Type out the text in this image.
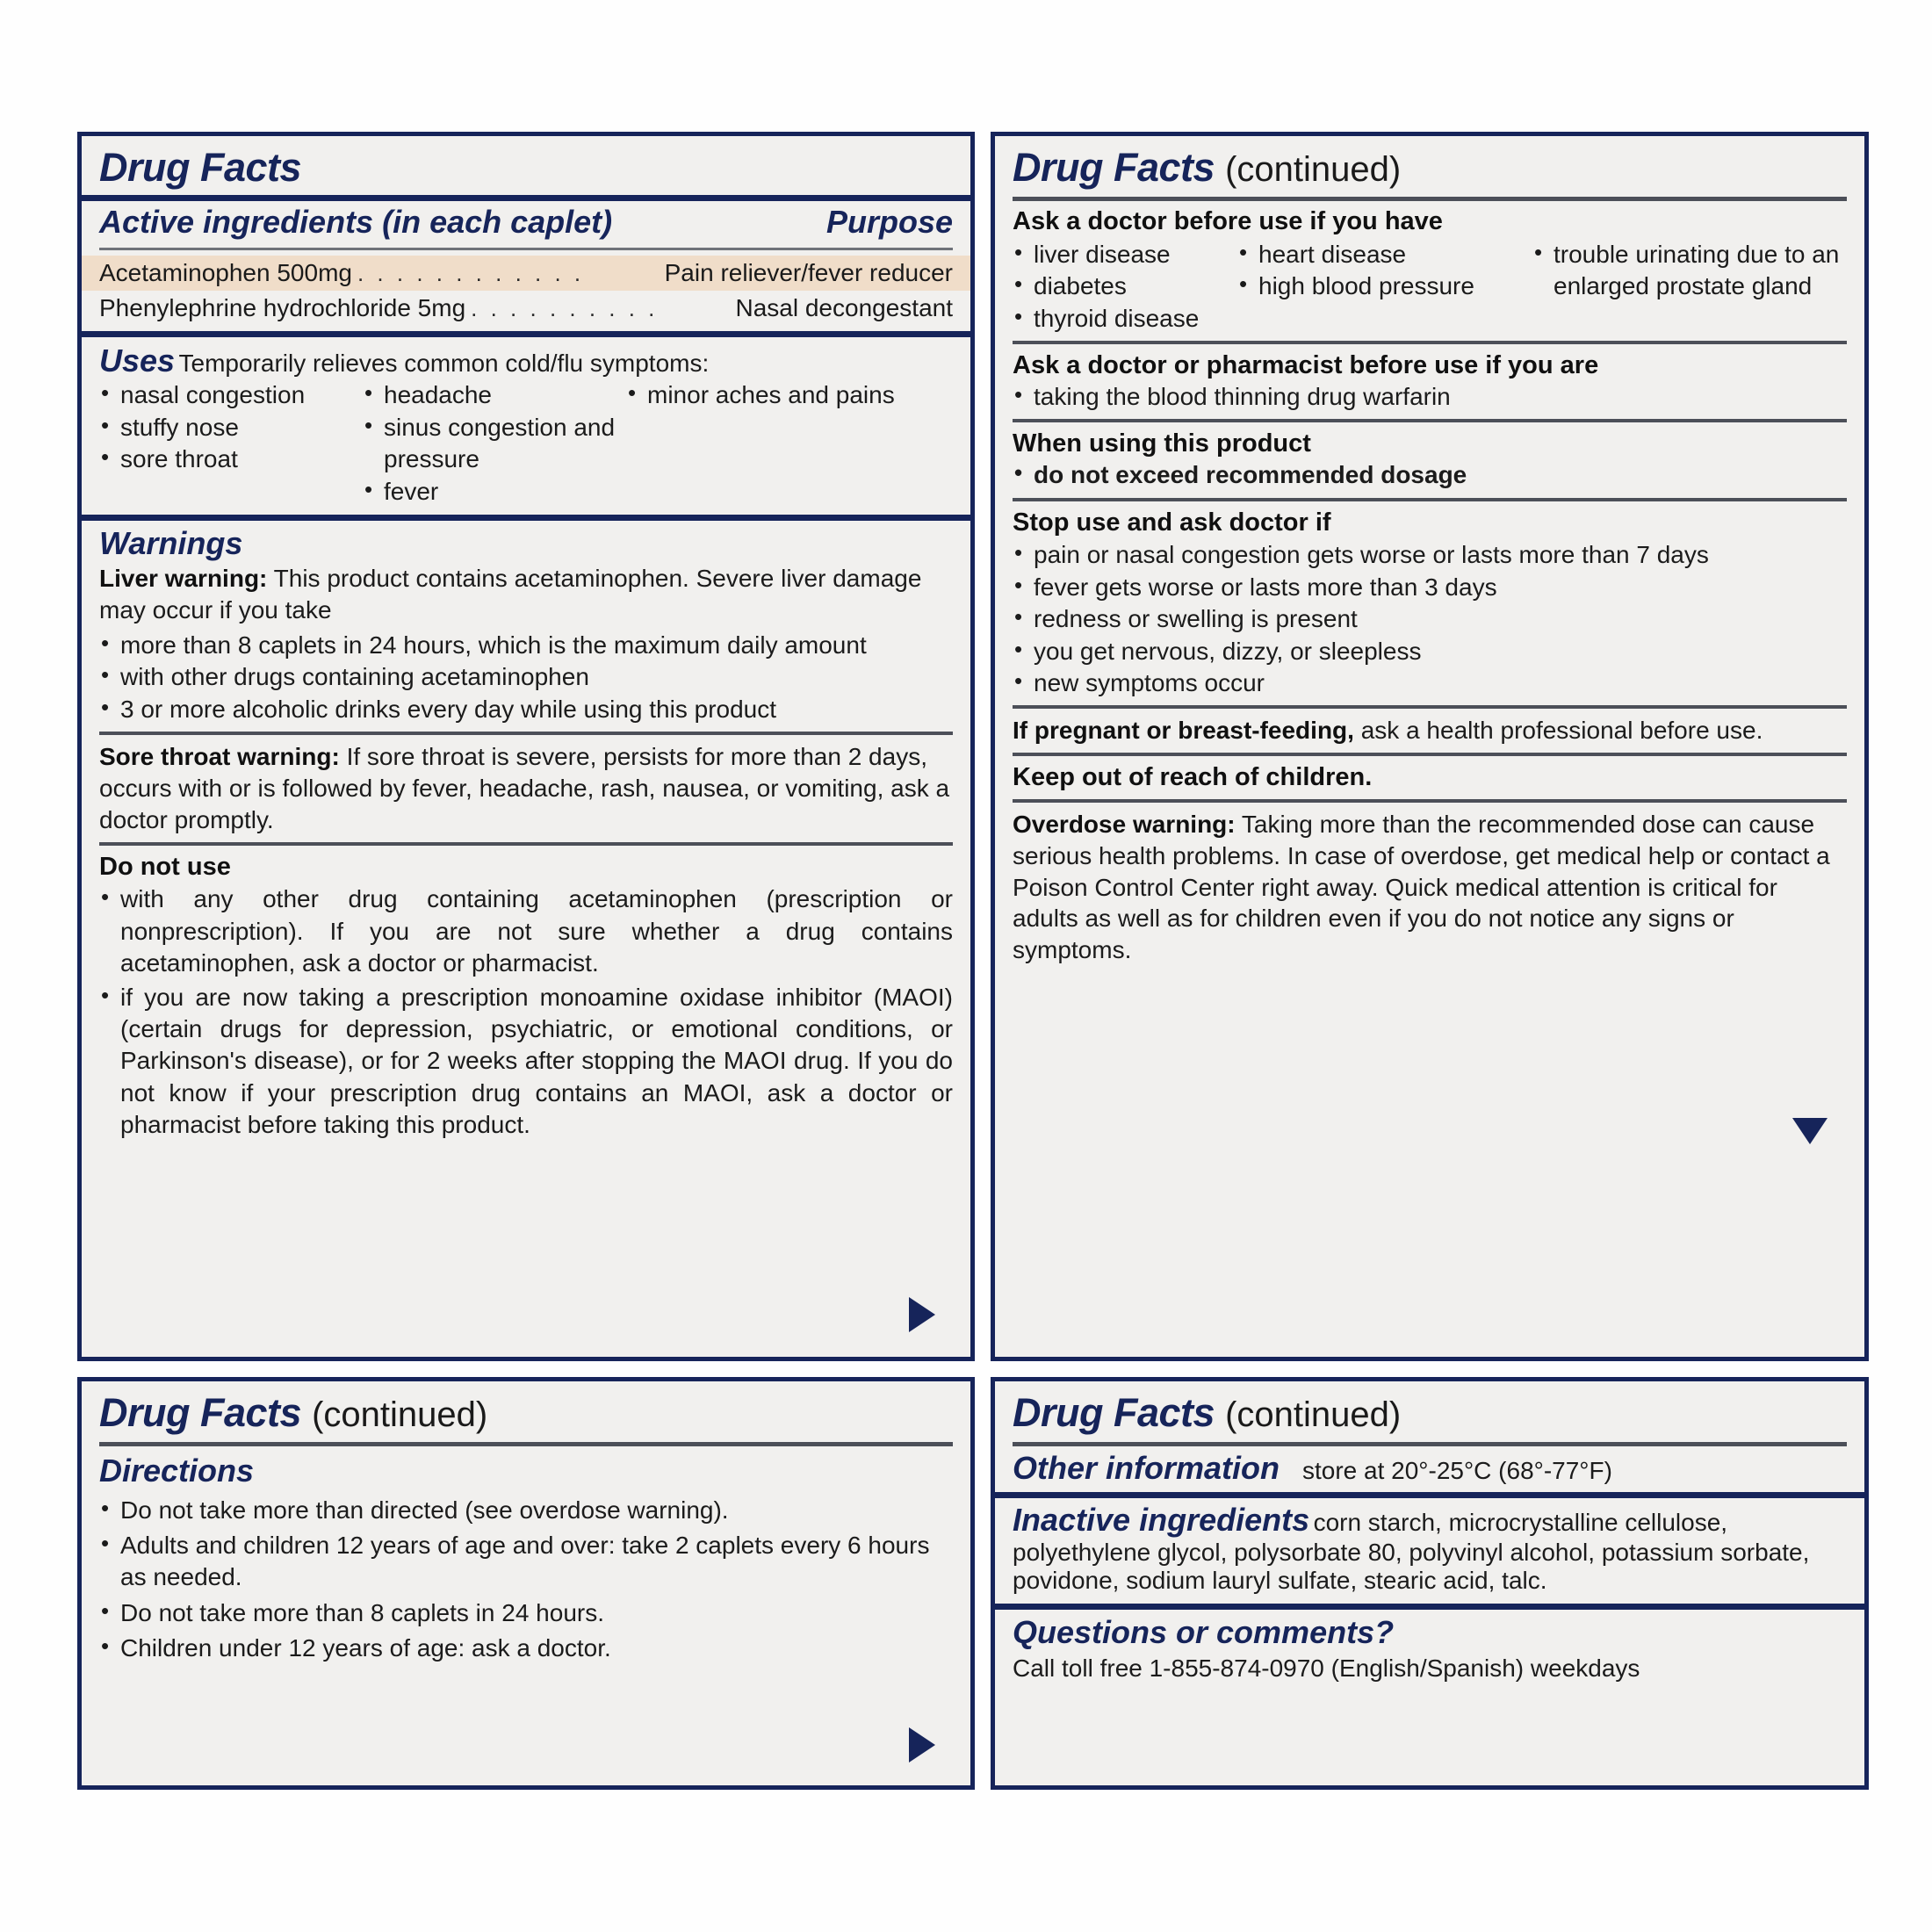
Drug Facts
Active ingredients (in each caplet)	Purpose
Acetaminophen 500mg . . . . . . . . . . . .	Pain reliever/fever reducer
Phenylephrine hydrochloride 5mg . . . . . . . . . .	Nasal decongestant
Uses Temporarily relieves common cold/flu symptoms:
• nasal congestion
• stuffy nose
• sore throat
• headache
• sinus congestion and pressure
• fever
• minor aches and pains
Warnings
Liver warning: This product contains acetaminophen. Severe liver damage may occur if you take
• more than 8 caplets in 24 hours, which is the maximum daily amount
• with other drugs containing acetaminophen
• 3 or more alcoholic drinks every day while using this product
Sore throat warning: If sore throat is severe, persists for more than 2 days, occurs with or is followed by fever, headache, rash, nausea, or vomiting, ask a doctor promptly.
Do not use
• with any other drug containing acetaminophen (prescription or nonprescription). If you are not sure whether a drug contains acetaminophen, ask a doctor or pharmacist.
• if you are now taking a prescription monoamine oxidase inhibitor (MAOI) (certain drugs for depression, psychiatric, or emotional conditions, or Parkinson's disease), or for 2 weeks after stopping the MAOI drug. If you do not know if your prescription drug contains an MAOI, ask a doctor or pharmacist before taking this product.
Drug Facts (continued)
Ask a doctor before use if you have
• liver disease	• heart disease	• trouble urinating due to an enlarged prostate gland
• diabetes	• high blood pressure
• thyroid disease
Ask a doctor or pharmacist before use if you are
• taking the blood thinning drug warfarin
When using this product
• do not exceed recommended dosage
Stop use and ask doctor if
• pain or nasal congestion gets worse or lasts more than 7 days
• fever gets worse or lasts more than 3 days
• redness or swelling is present
• you get nervous, dizzy, or sleepless
• new symptoms occur
If pregnant or breast-feeding, ask a health professional before use.
Keep out of reach of children.
Overdose warning: Taking more than the recommended dose can cause serious health problems. In case of overdose, get medical help or contact a Poison Control Center right away. Quick medical attention is critical for adults as well as for children even if you do not notice any signs or symptoms.
Drug Facts (continued)
Directions
• Do not take more than directed (see overdose warning).
• Adults and children 12 years of age and over: take 2 caplets every 6 hours as needed.
• Do not take more than 8 caplets in 24 hours.
• Children under 12 years of age: ask a doctor.
Drug Facts (continued)
Other information store at 20°-25°C (68°-77°F)
Inactive ingredients corn starch, microcrystalline cellulose, polyethylene glycol, polysorbate 80, polyvinyl alcohol, potassium sorbate, povidone, sodium lauryl sulfate, stearic acid, talc.
Questions or comments?
Call toll free 1-855-874-0970 (English/Spanish) weekdays
